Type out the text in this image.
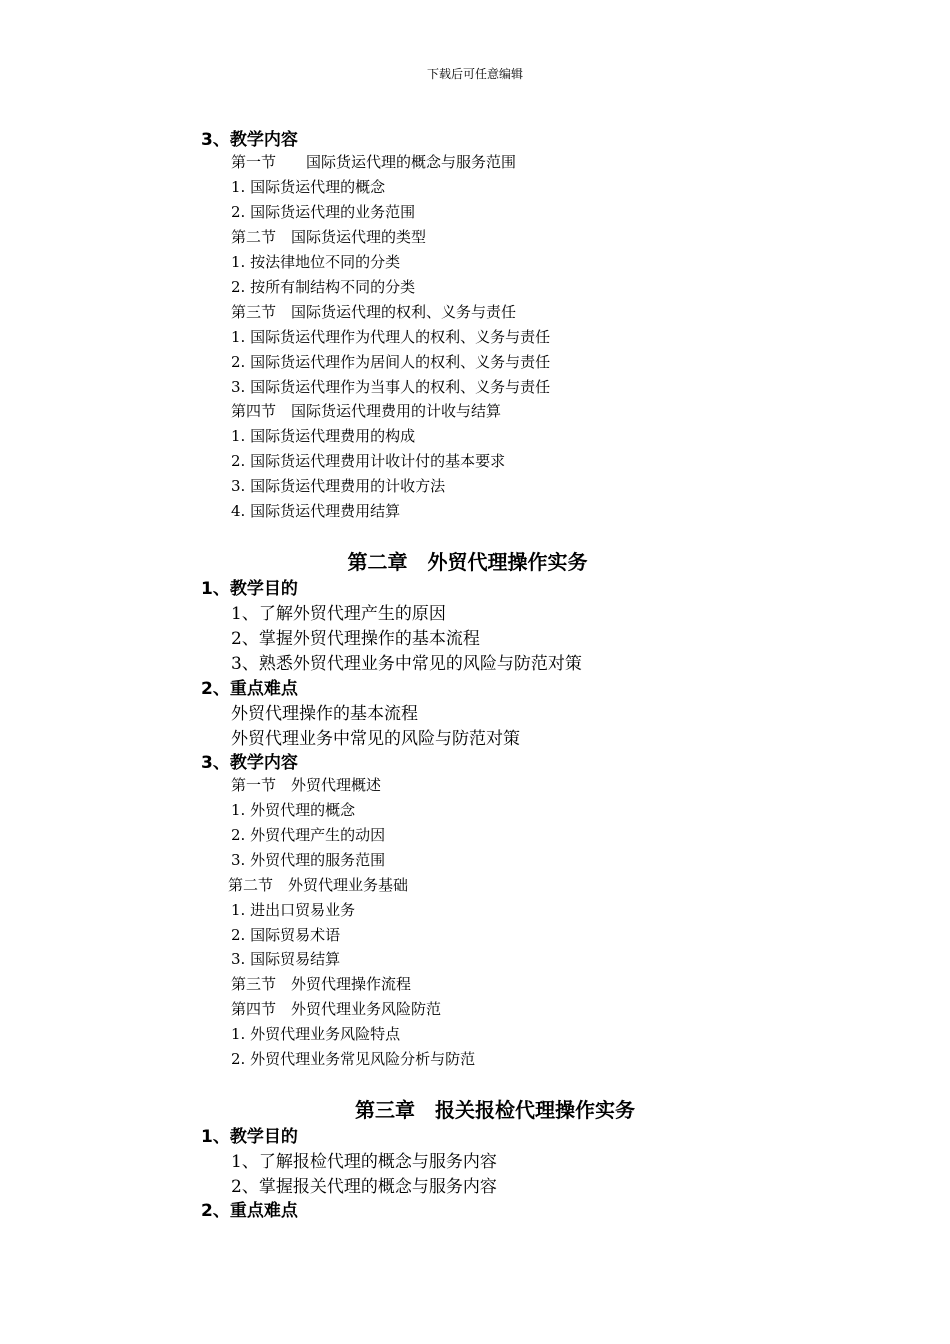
下载后可任意编辑
3、教学内容
第一节　　国际货运代理的概念与服务范围
1. 国际货运代理的概念
2. 国际货运代理的业务范围
第二节　国际货运代理的类型
1. 按法律地位不同的分类
2. 按所有制结构不同的分类
第三节　国际货运代理的权利、义务与责任
1. 国际货运代理作为代理人的权利、义务与责任
2. 国际货运代理作为居间人的权利、义务与责任
3. 国际货运代理作为当事人的权利、义务与责任
第四节　国际货运代理费用的计收与结算
1. 国际货运代理费用的构成
2. 国际货运代理费用计收计付的基本要求
3. 国际货运代理费用的计收方法
4. 国际货运代理费用结算
第二章　外贸代理操作实务
1、教学目的
1、了解外贸代理产生的原因
2、掌握外贸代理操作的基本流程
3、熟悉外贸代理业务中常见的风险与防范对策
2、重点难点
外贸代理操作的基本流程
外贸代理业务中常见的风险与防范对策
3、教学内容
第一节　外贸代理概述
1. 外贸代理的概念
2. 外贸代理产生的动因
3. 外贸代理的服务范围
第二节　外贸代理业务基础
1. 进出口贸易业务
2. 国际贸易术语
3. 国际贸易结算
第三节　外贸代理操作流程
第四节　外贸代理业务风险防范
1. 外贸代理业务风险特点
2. 外贸代理业务常见风险分析与防范
第三章　报关报检代理操作实务
1、教学目的
1、了解报检代理的概念与服务内容
2、掌握报关代理的概念与服务内容
2、重点难点
